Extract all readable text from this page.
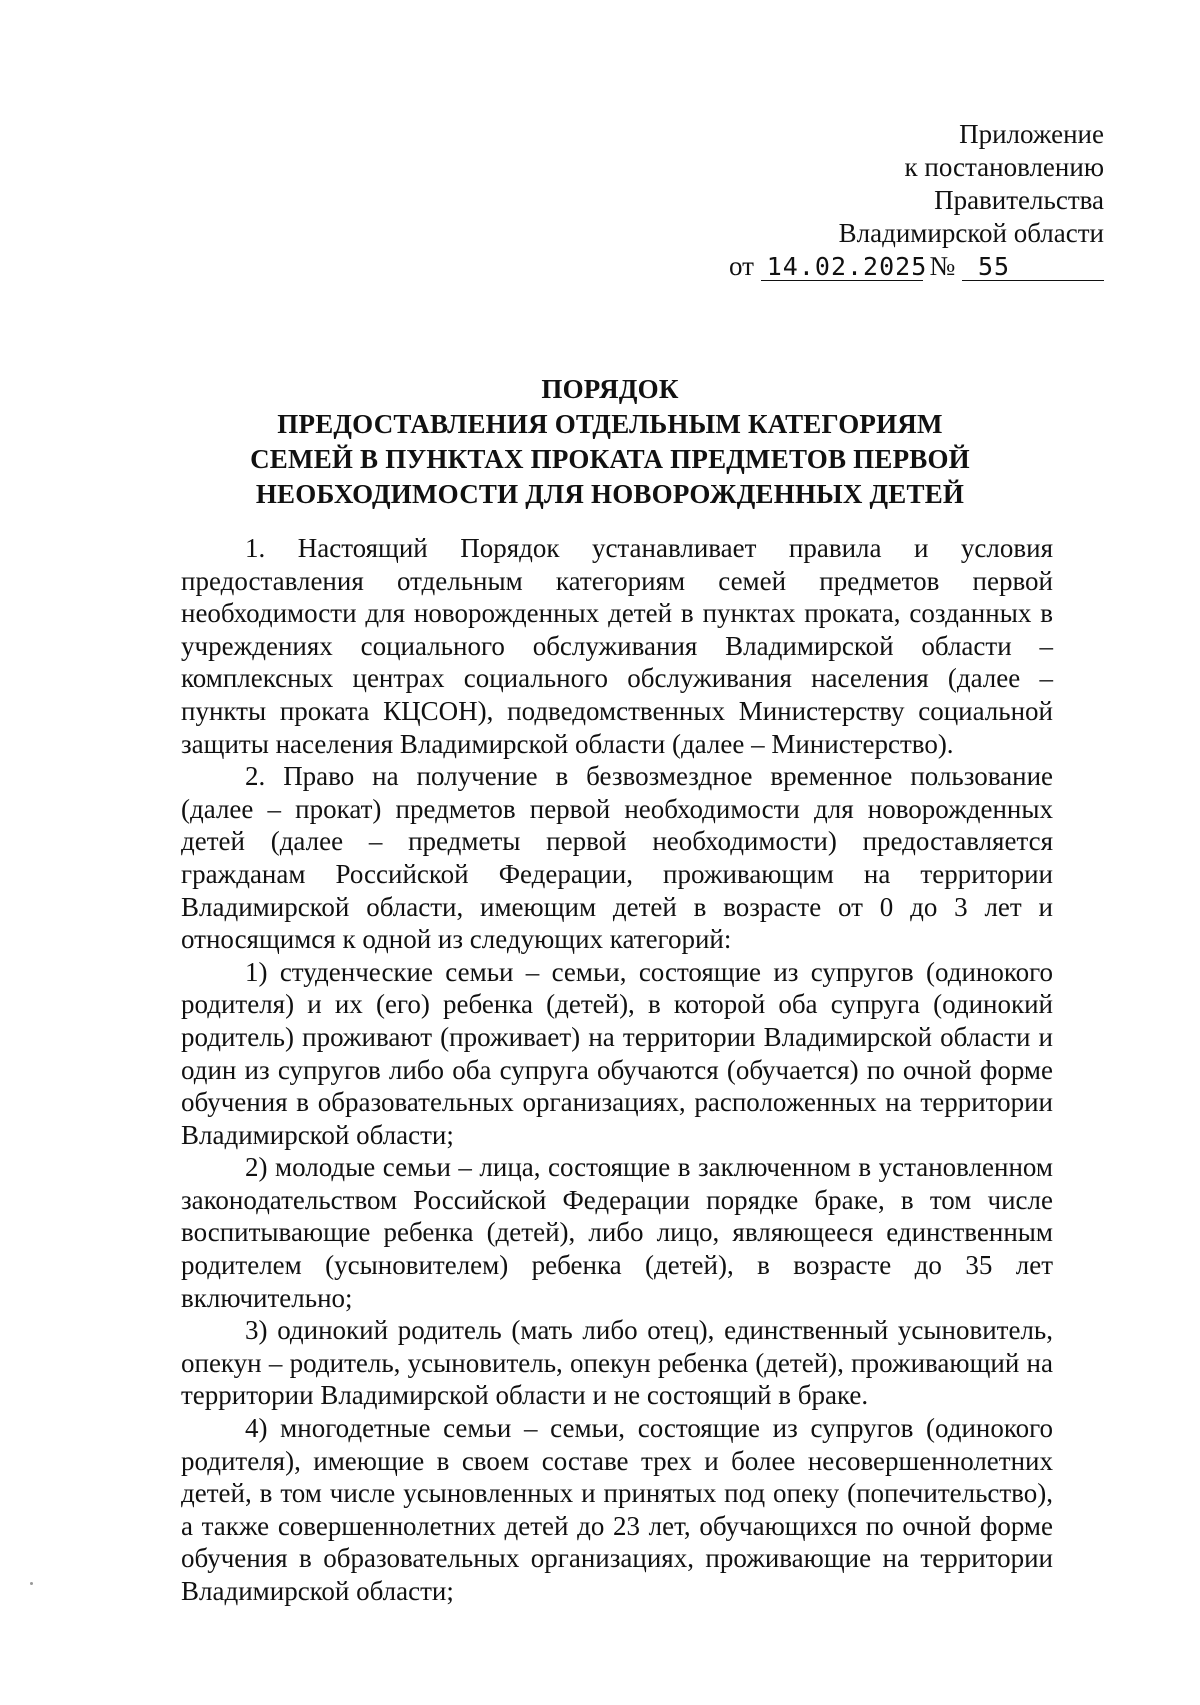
Приложение
к постановлению
Правительства
Владимирской области
от 14.02.2025 № 55
ПОРЯДОК
ПРЕДОСТАВЛЕНИЯ ОТДЕЛЬНЫМ КАТЕГОРИЯМ
СЕМЕЙ В ПУНКТАХ ПРОКАТА ПРЕДМЕТОВ ПЕРВОЙ
НЕОБХОДИМОСТИ ДЛЯ НОВОРОЖДЕННЫХ ДЕТЕЙ

1. Настоящий Порядок устанавливает правила и условия предоставления отдельным категориям семей предметов первой необходимости для новорожденных детей в пунктах проката, созданных в учреждениях социального обслуживания Владимирской области – комплексных центрах социального обслуживания населения (далее – пункты проката КЦСОН), подведомственных Министерству социальной защиты населения Владимирской области (далее – Министерство).

2. Право на получение в безвозмездное временное пользование (далее – прокат) предметов первой необходимости для новорожденных детей (далее – предметы первой необходимости) предоставляется гражданам Российской Федерации, проживающим на территории Владимирской области, имеющим детей в возрасте от 0 до 3 лет и относящимся к одной из следующих категорий:

1) студенческие семьи – семьи, состоящие из супругов (одинокого родителя) и их (его) ребенка (детей), в которой оба супруга (одинокий родитель) проживают (проживает) на территории Владимирской области и один из супругов либо оба супруга обучаются (обучается) по очной форме обучения в образовательных организациях, расположенных на территории Владимирской области;

2) молодые семьи – лица, состоящие в заключенном в установленном законодательством Российской Федерации порядке браке, в том числе воспитывающие ребенка (детей), либо лицо, являющееся единственным родителем (усыновителем) ребенка (детей), в возрасте до 35 лет включительно;

3) одинокий родитель (мать либо отец), единственный усыновитель, опекун – родитель, усыновитель, опекун ребенка (детей), проживающий на территории Владимирской области и не состоящий в браке.

4) многодетные семьи – семьи, состоящие из супругов (одинокого родителя), имеющие в своем составе трех и более несовершеннолетних детей, в том числе усыновленных и принятых под опеку (попечительство), а также совершеннолетних детей до 23 лет, обучающихся по очной форме обучения в образовательных организациях, проживающие на территории Владимирской области;
